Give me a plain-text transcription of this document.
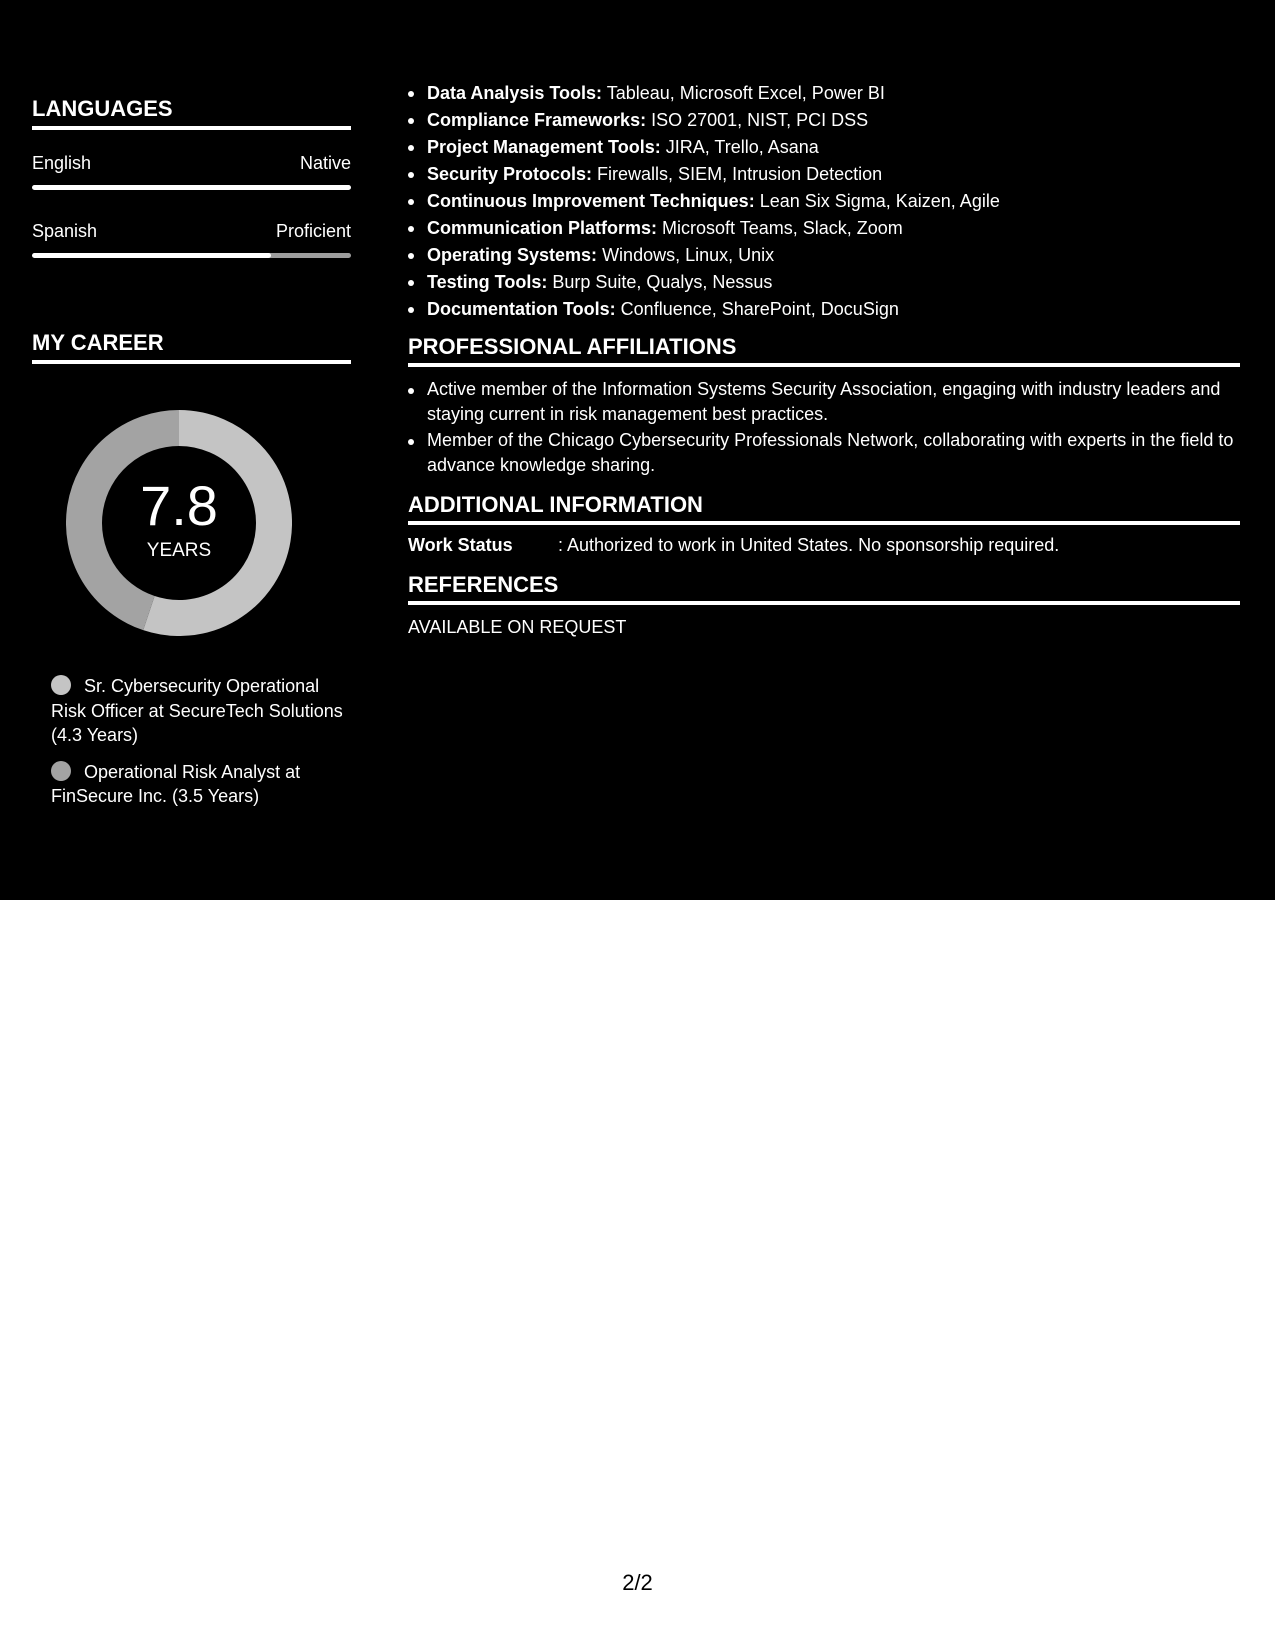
LANGUAGES
English	Native
Spanish	Proficient
MY CAREER
7.8
YEARS
Sr. Cybersecurity Operational Risk Officer at SecureTech Solutions (4.3 Years)
Operational Risk Analyst at FinSecure Inc. (3.5 Years)
Data Analysis Tools: Tableau, Microsoft Excel, Power BI
Compliance Frameworks: ISO 27001, NIST, PCI DSS
Project Management Tools: JIRA, Trello, Asana
Security Protocols: Firewalls, SIEM, Intrusion Detection
Continuous Improvement Techniques: Lean Six Sigma, Kaizen, Agile
Communication Platforms: Microsoft Teams, Slack, Zoom
Operating Systems: Windows, Linux, Unix
Testing Tools: Burp Suite, Qualys, Nessus
Documentation Tools: Confluence, SharePoint, DocuSign
PROFESSIONAL AFFILIATIONS
Active member of the Information Systems Security Association, engaging with industry leaders and staying current in risk management best practices.
Member of the Chicago Cybersecurity Professionals Network, collaborating with experts in the field to advance knowledge sharing.
ADDITIONAL INFORMATION
Work Status	: Authorized to work in United States. No sponsorship required.
REFERENCES
AVAILABLE ON REQUEST
2/2
